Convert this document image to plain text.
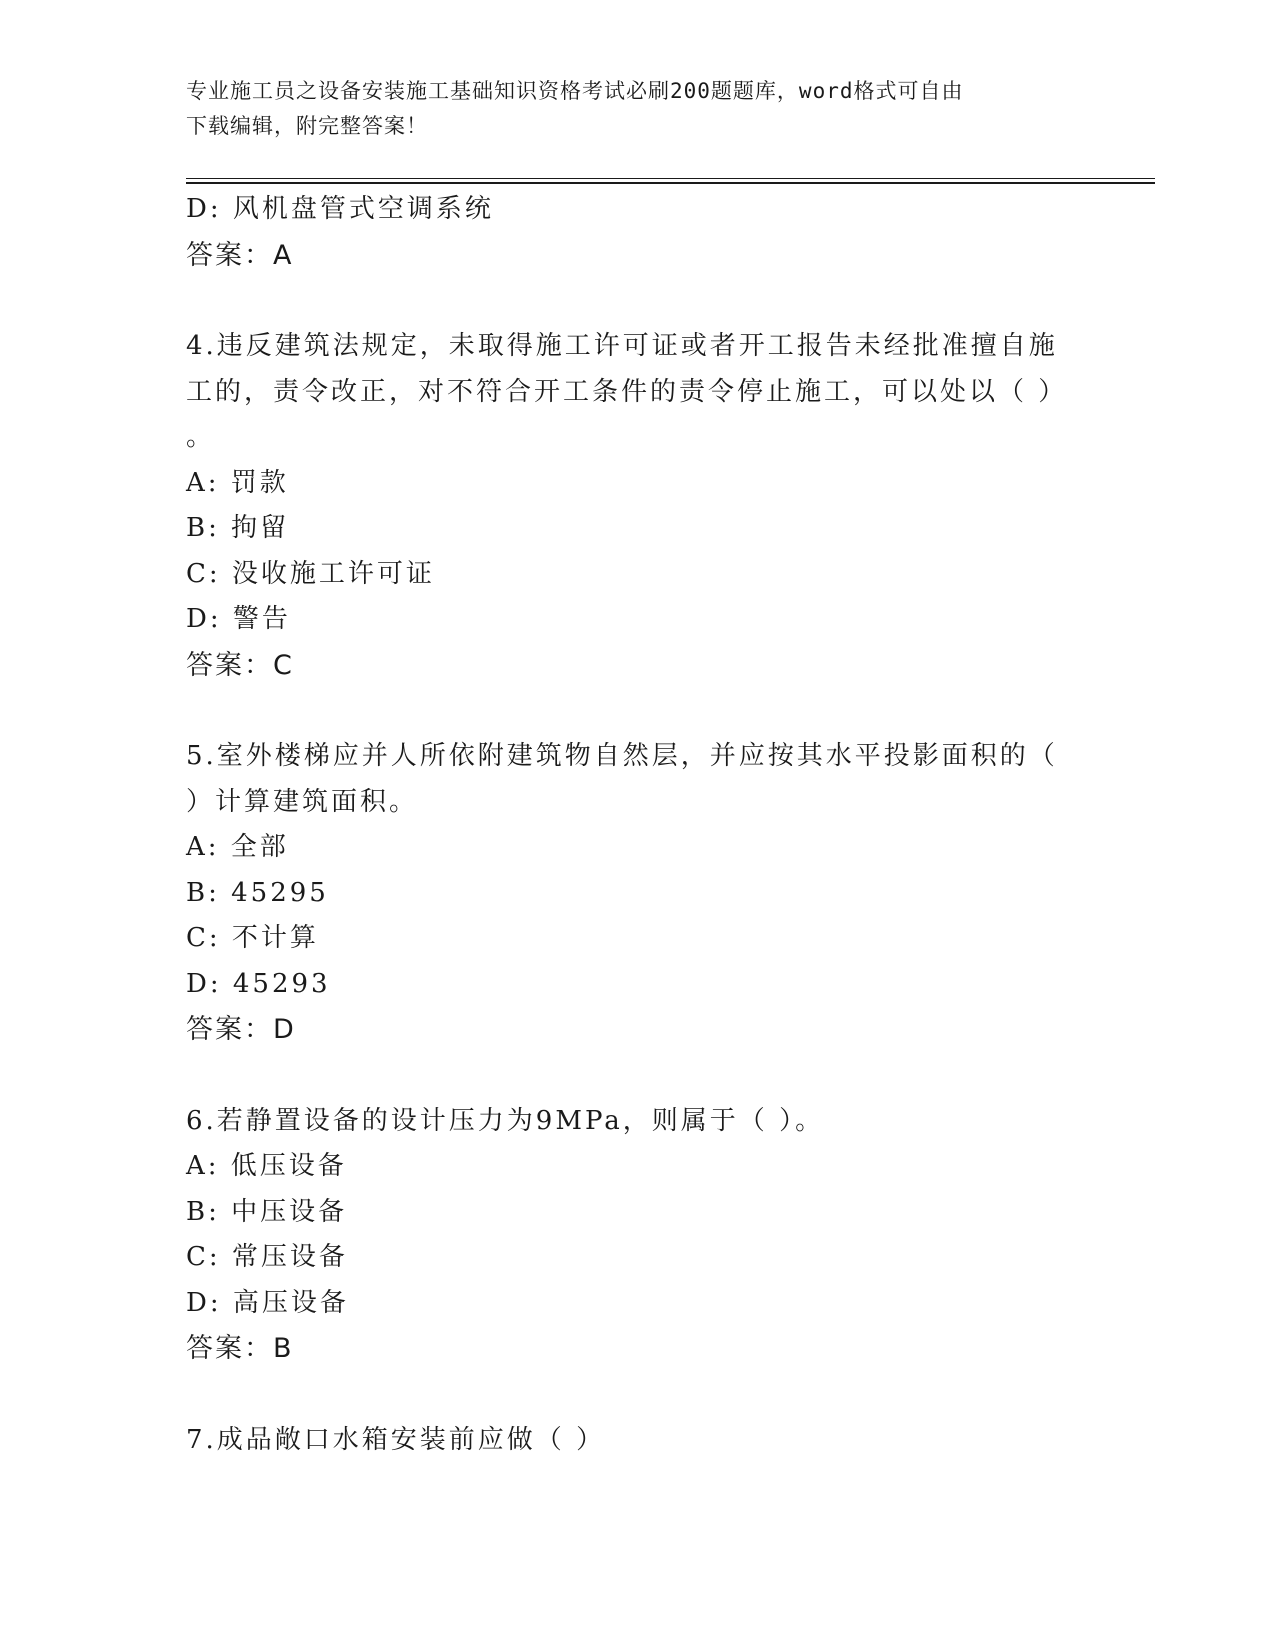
专业施工员之设备安装施工基础知识资格考试必刷200题题库，word格式可自由
下载编辑，附完整答案！
D: 风机盘管式空调系统
答案：A
4.违反建筑法规定，未取得施工许可证或者开工报告未经批准擅自施
工的，责令改正，对不符合开工条件的责令停止施工，可以处以（ ）
。
A: 罚款
B: 拘留
C: 没收施工许可证
D: 警告
答案：C
5.室外楼梯应并人所依附建筑物自然层，并应按其水平投影面积的（
）计算建筑面积。
A: 全部
B: 45295
C: 不计算
D: 45293
答案：D
6.若静置设备的设计压力为9MPa，则属于（ ）。
A: 低压设备
B: 中压设备
C: 常压设备
D: 高压设备
答案：B
7.成品敞口水箱安装前应做（ ）
